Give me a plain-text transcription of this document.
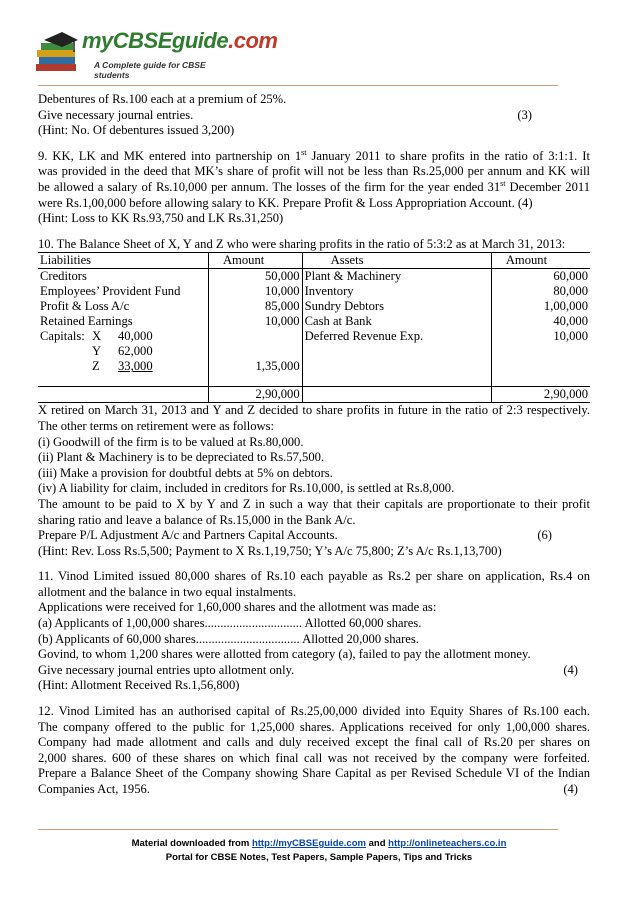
myCBSEguide.com
A Complete guide for CBSE students
Debentures of Rs.100 each at a premium of 25%.
Give necessary journal entries.	(3)
(Hint: No. Of debentures issued 3,200)
9. KK, LK and MK entered into partnership on 1st January 2011 to share profits in the ratio of 3:1:1. It
was provided in the deed that MK’s share of profit will not be less than Rs.25,000 per annum and KK will
be allowed a salary of Rs.10,000 per annum. The losses of the firm for the year ended 31st December 2011
were Rs.1,00,000 before allowing salary to KK. Prepare Profit & Loss Appropriation Account. (4)
(Hint: Loss to KK Rs.93,750 and LK Rs.31,250)
10. The Balance Sheet of X, Y and Z who were sharing profits in the ratio of 5:3:2 as at March 31, 2013:
Liabilities	Amount	Assets	Amount
Creditors	50,000	Plant & Machinery	60,000
Employees’ Provident Fund	10,000	Inventory	80,000
Profit & Loss A/c	85,000	Sundry Debtors	1,00,000
Retained Earnings	10,000	Cash at Bank	40,000

Capitals: X 40,000
Y 62,000
Z 33,000	1,35,000	Deferred Revenue Exp.	10,000
	2,90,000		2,90,000
X retired on March 31, 2013 and Y and Z decided to share profits in future in the ratio of 2:3 respectively.
The other terms on retirement were as follows:
(i) Goodwill of the firm is to be valued at Rs.80,000.
(ii) Plant & Machinery is to be depreciated to Rs.57,500.
(iii) Make a provision for doubtful debts at 5% on debtors.
(iv) A liability for claim, included in creditors for Rs.10,000, is settled at Rs.8,000.
The amount to be paid to X by Y and Z in such a way that their capitals are proportionate to their profit
sharing ratio and leave a balance of Rs.15,000 in the Bank A/c.
Prepare P/L Adjustment A/c and Partners Capital Accounts.	(6)
(Hint: Rev. Loss Rs.5,500; Payment to X Rs.1,19,750; Y’s A/c 75,800; Z’s A/c Rs.1,13,700)
11. Vinod Limited issued 80,000 shares of Rs.10 each payable as Rs.2 per share on application, Rs.4 on
allotment and the balance in two equal instalments.
Applications were received for 1,60,000 shares and the allotment was made as:
(a) Applicants of 1,00,000 shares............................... Allotted 60,000 shares.
(b) Applicants of 60,000 shares................................. Allotted 20,000 shares.
Govind, to whom 1,200 shares were allotted from category (a), failed to pay the allotment money.
Give necessary journal entries upto allotment only.	(4)
(Hint: Allotment Received Rs.1,56,800)
12. Vinod Limited has an authorised capital of Rs.25,00,000 divided into Equity Shares of Rs.100 each.
The company offered to the public for 1,25,000 shares. Applications received for only 1,00,000 shares.
Company had made allotment and calls and duly received except the final call of Rs.20 per shares on
2,000 shares. 600 of these shares on which final call was not received by the company were forfeited.
Prepare a Balance Sheet of the Company showing Share Capital as per Revised Schedule VI of the Indian
Companies Act, 1956.	(4)
Material downloaded from http://myCBSEguide.com and http://onlineteachers.co.in
Portal for CBSE Notes, Test Papers, Sample Papers, Tips and Tricks
